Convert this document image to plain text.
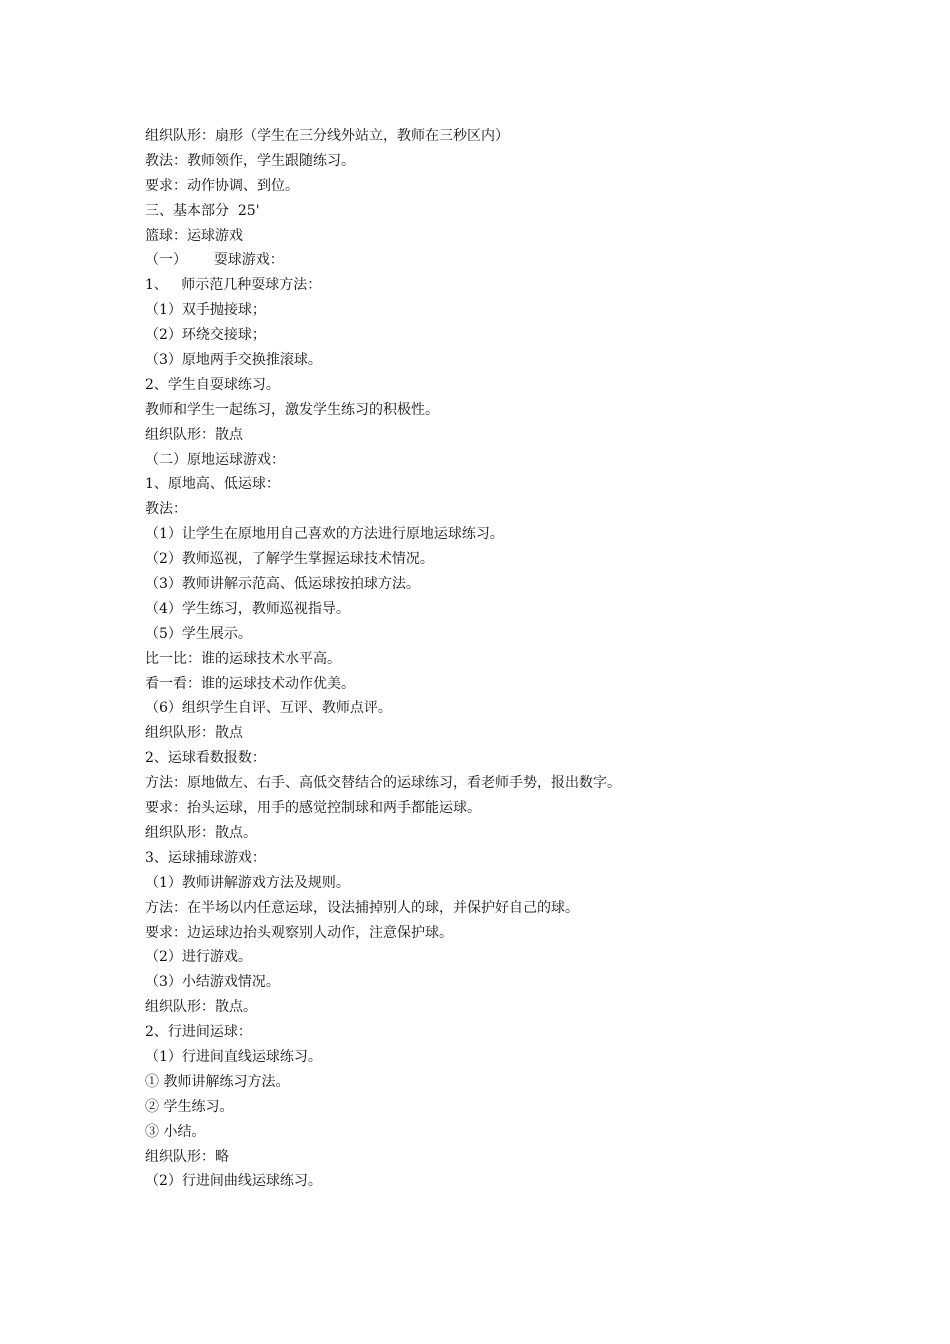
组织队形：扇形（学生在三分线外站立，教师在三秒区内）
教法：教师领作，学生跟随练习。
要求：动作协调、到位。
三、基本部分  25'
篮球：运球游戏
（一）      耍球游戏：
1、   师示范几种耍球方法：
（1）双手抛接球；
（2）环绕交接球；
（3）原地两手交换推滚球。
2、学生自耍球练习。
教师和学生一起练习，激发学生练习的积极性。
组织队形：散点
（二）原地运球游戏：
1、原地高、低运球：
教法：
（1）让学生在原地用自己喜欢的方法进行原地运球练习。
（2）教师巡视，了解学生掌握运球技术情况。
（3）教师讲解示范高、低运球按拍球方法。
（4）学生练习，教师巡视指导。
（5）学生展示。
比一比：谁的运球技术水平高。
看一看：谁的运球技术动作优美。
（6）组织学生自评、互评、教师点评。
组织队形：散点
2、运球看数报数：
方法：原地做左、右手、高低交替结合的运球练习，看老师手势，报出数字。
要求：抬头运球，用手的感觉控制球和两手都能运球。
组织队形：散点。
3、运球捕球游戏：
（1）教师讲解游戏方法及规则。
方法：在半场以内任意运球，设法捕掉别人的球，并保护好自己的球。
要求：边运球边抬头观察别人动作，注意保护球。
（2）进行游戏。
（3）小结游戏情况。
组织队形：散点。
2、行进间运球：
（1）行进间直线运球练习。
① 教师讲解练习方法。
② 学生练习。
③ 小结。
组织队形：略
（2）行进间曲线运球练习。
